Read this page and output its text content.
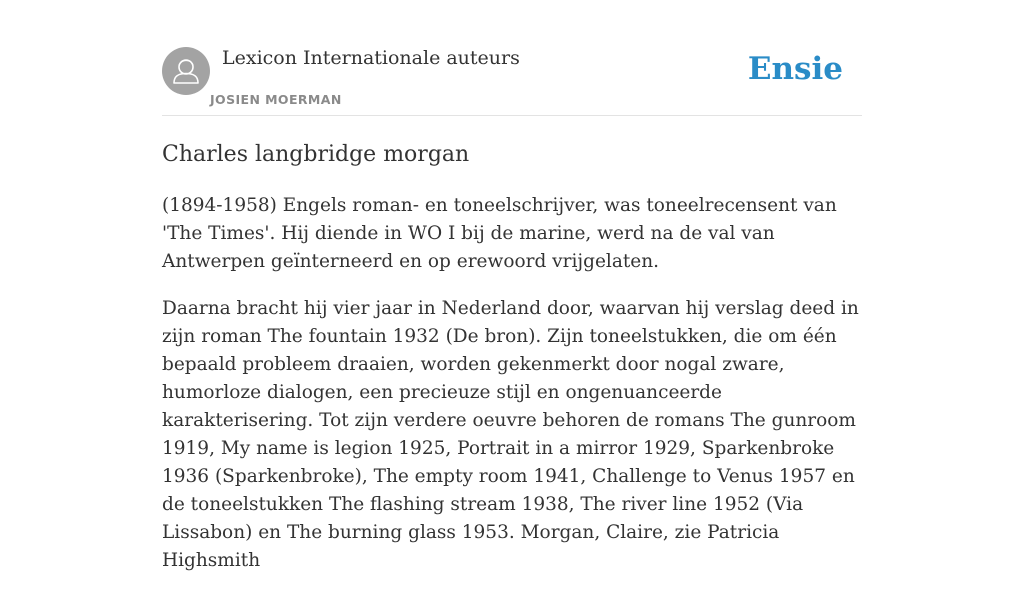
Lexicon Internationale auteurs
JOSIEN MOERMAN
Ensie
Charles langbridge morgan

(1894-1958) Engels roman- en toneelschrijver, was toneelrecensent van 'The Times'. Hij diende in WO I bij de marine, werd na de val van Antwerpen geïnterneerd en op erewoord vrijgelaten.

Daarna bracht hij vier jaar in Nederland door, waarvan hij verslag deed in zijn roman The fountain 1932 (De bron). Zijn toneelstukken, die om één bepaald probleem draaien, worden gekenmerkt door nogal zware, humorloze dialogen, een precieuze stijl en ongenuanceerde karakterisering. Tot zijn verdere oeuvre behoren de romans The gunroom 1919, My name is legion 1925, Portrait in a mirror 1929, Sparkenbroke 1936 (Sparkenbroke), The empty room 1941, Challenge to Venus 1957 en de toneelstukken The flashing stream 1938, The river line 1952 (Via Lissabon) en The burning glass 1953. Morgan, Claire, zie Patricia Highsmith
